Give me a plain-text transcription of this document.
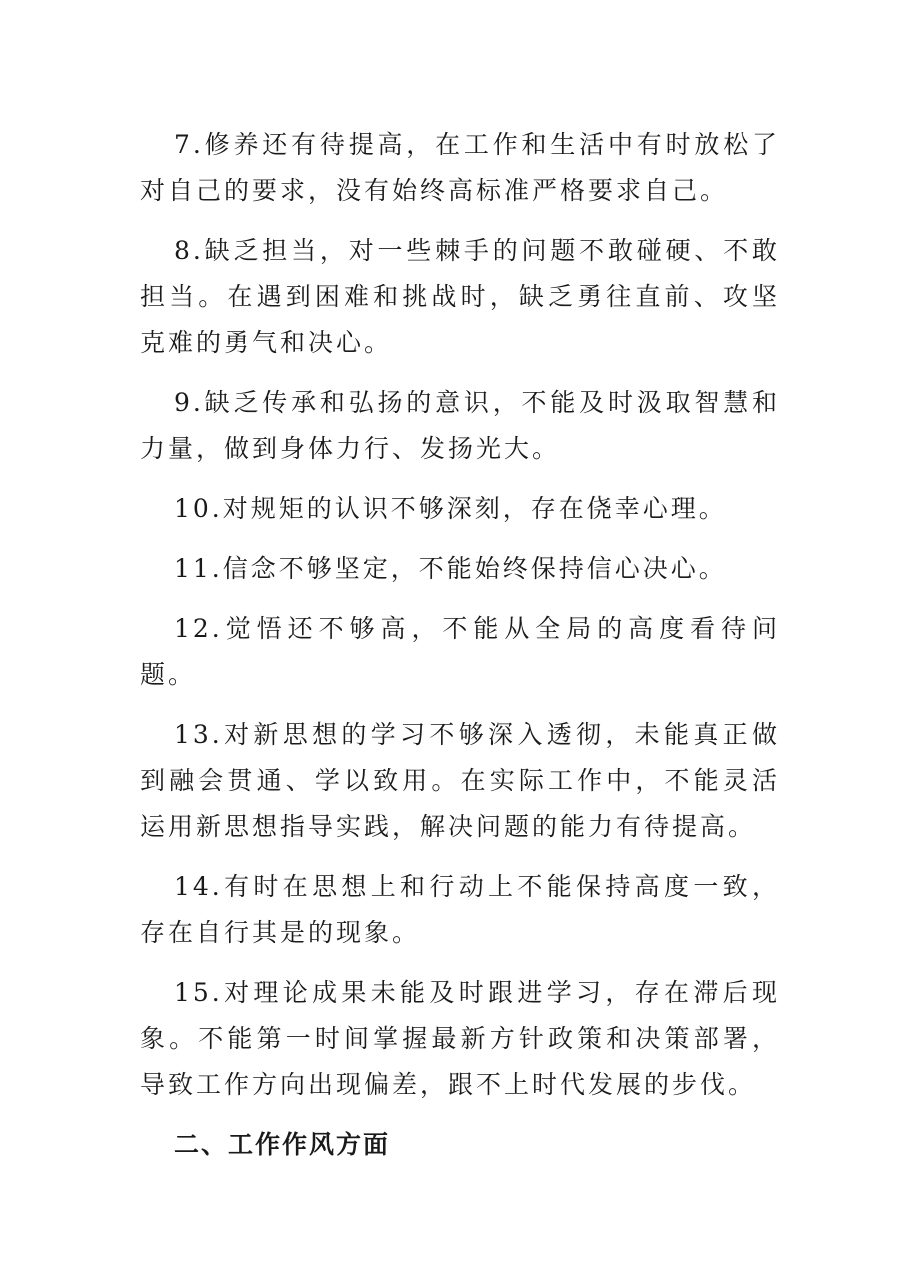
7.修养还有待提高，在工作和生活中有时放松了对自己的要求，没有始终高标准严格要求自己。

8.缺乏担当，对一些棘手的问题不敢碰硬、不敢担当。在遇到困难和挑战时，缺乏勇往直前、攻坚克难的勇气和决心。

9.缺乏传承和弘扬的意识，不能及时汲取智慧和力量，做到身体力行、发扬光大。

10.对规矩的认识不够深刻，存在侥幸心理。

11.信念不够坚定，不能始终保持信心决心。

12.觉悟还不够高，不能从全局的高度看待问题。

13.对新思想的学习不够深入透彻，未能真正做到融会贯通、学以致用。在实际工作中，不能灵活运用新思想指导实践，解决问题的能力有待提高。

14.有时在思想上和行动上不能保持高度一致，存在自行其是的现象。

15.对理论成果未能及时跟进学习，存在滞后现象。不能第一时间掌握最新方针政策和决策部署，导致工作方向出现偏差，跟不上时代发展的步伐。

二、工作作风方面
